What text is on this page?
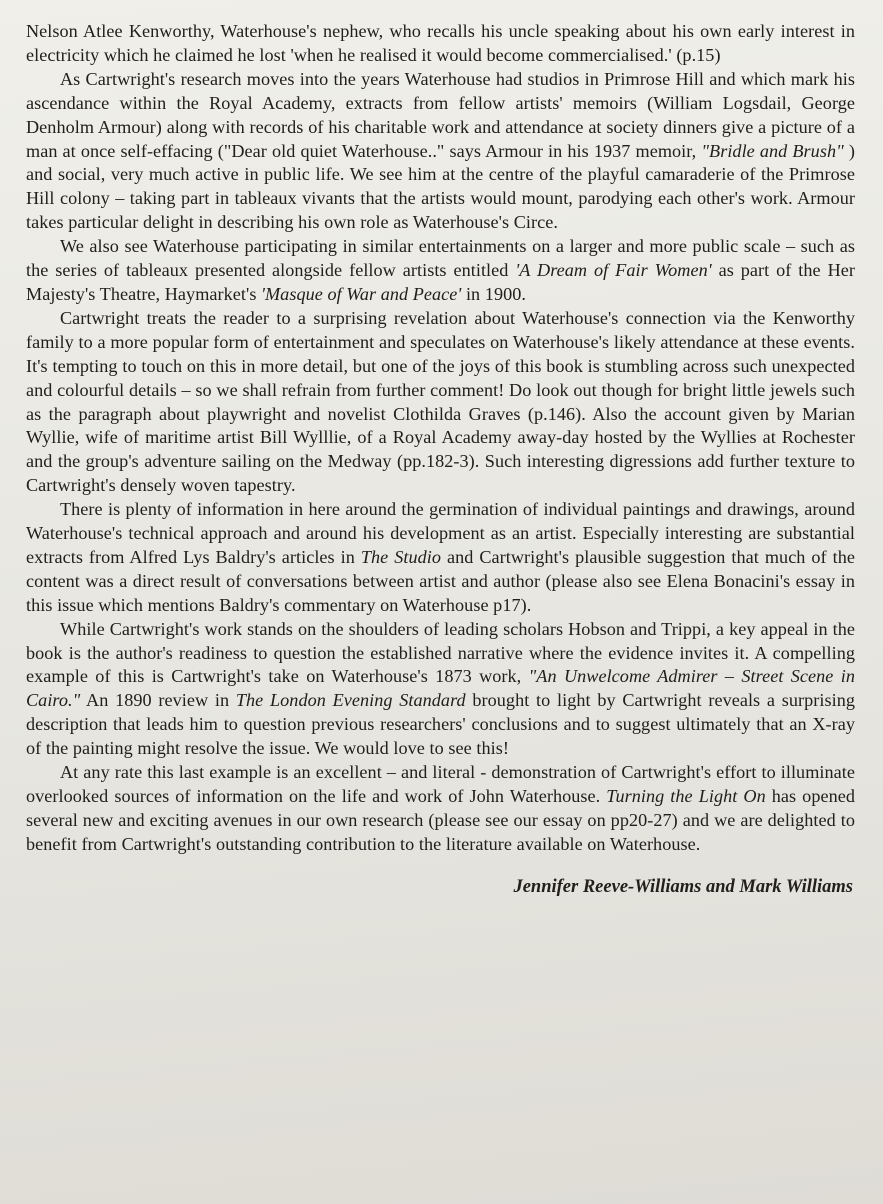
Nelson Atlee Kenworthy, Waterhouse's nephew, who recalls his uncle speaking about his own early interest in electricity which he claimed he lost 'when he realised it would become commercialised.' (p.15)

As Cartwright's research moves into the years Waterhouse had studios in Primrose Hill and which mark his ascendance within the Royal Academy, extracts from fellow artists' memoirs (William Logsdail, George Denholm Armour) along with records of his charitable work and attendance at society dinners give a picture of a man at once self-effacing ("Dear old quiet Waterhouse.." says Armour in his 1937 memoir, "Bridle and Brush" ) and social, very much active in public life. We see him at the centre of the playful camaraderie of the Primrose Hill colony – taking part in tableaux vivants that the artists would mount, parodying each other's work. Armour takes particular delight in describing his own role as Waterhouse's Circe.

We also see Waterhouse participating in similar entertainments on a larger and more public scale – such as the series of tableaux presented alongside fellow artists entitled 'A Dream of Fair Women' as part of the Her Majesty's Theatre, Haymarket's 'Masque of War and Peace' in 1900.

Cartwright treats the reader to a surprising revelation about Waterhouse's connection via the Kenworthy family to a more popular form of entertainment and speculates on Waterhouse's likely attendance at these events. It's tempting to touch on this in more detail, but one of the joys of this book is stumbling across such unexpected and colourful details – so we shall refrain from further comment! Do look out though for bright little jewels such as the paragraph about playwright and novelist Clothilda Graves (p.146). Also the account given by Marian Wyllie, wife of maritime artist Bill Wylllie, of a Royal Academy away-day hosted by the Wyllies at Rochester and the group's adventure sailing on the Medway (pp.182-3). Such interesting digressions add further texture to Cartwright's densely woven tapestry.

There is plenty of information in here around the germination of individual paintings and drawings, around Waterhouse's technical approach and around his development as an artist. Especially interesting are substantial extracts from Alfred Lys Baldry's articles in The Studio and Cartwright's plausible suggestion that much of the content was a direct result of conversations between artist and author (please also see Elena Bonacini's essay in this issue which mentions Baldry's commentary on Waterhouse p17).

While Cartwright's work stands on the shoulders of leading scholars Hobson and Trippi, a key appeal in the book is the author's readiness to question the established narrative where the evidence invites it. A compelling example of this is Cartwright's take on Waterhouse's 1873 work, "An Unwelcome Admirer – Street Scene in Cairo." An 1890 review in The London Evening Standard brought to light by Cartwright reveals a surprising description that leads him to question previous researchers' conclusions and to suggest ultimately that an X-ray of the painting might resolve the issue. We would love to see this!

At any rate this last example is an excellent – and literal - demonstration of Cartwright's effort to illuminate overlooked sources of information on the life and work of John Waterhouse. Turning the Light On has opened several new and exciting avenues in our own research (please see our essay on pp20-27) and we are delighted to benefit from Cartwright's outstanding contribution to the literature available on Waterhouse.

Jennifer Reeve-Williams and Mark Williams
